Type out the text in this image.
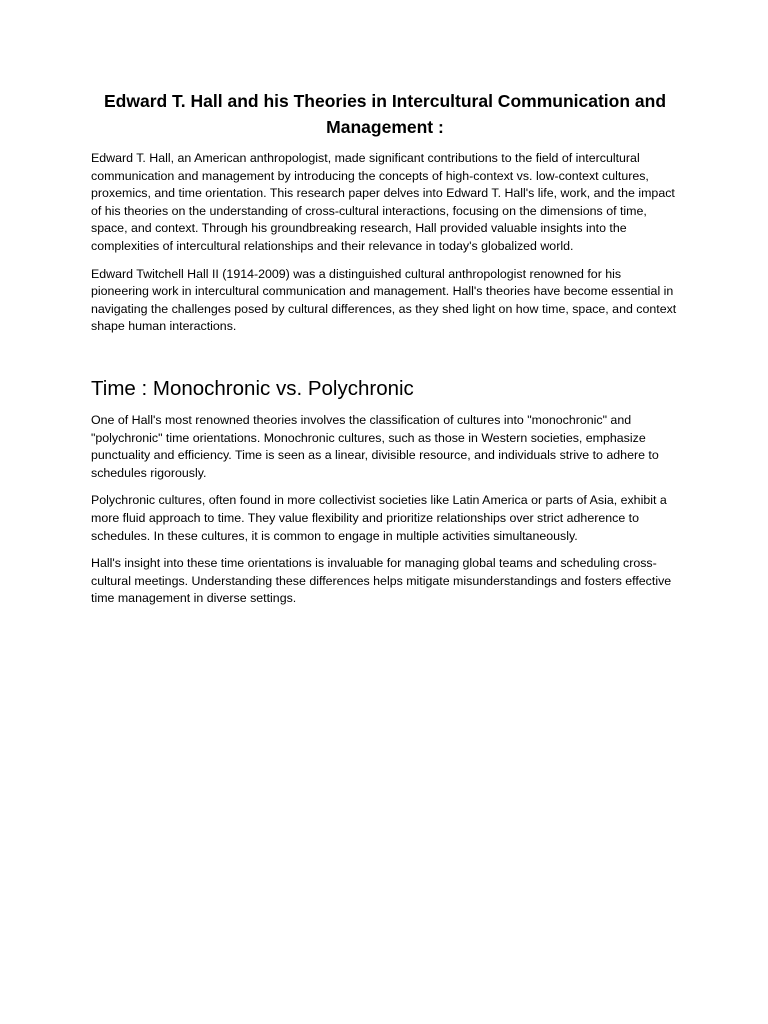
Edward T. Hall and his Theories in Intercultural Communication and Management :

Edward T. Hall, an American anthropologist, made significant contributions to the field of intercultural communication and management by introducing the concepts of high-context vs. low-context cultures, proxemics, and time orientation. This research paper delves into Edward T. Hall's life, work, and the impact of his theories on the understanding of cross-cultural interactions, focusing on the dimensions of time, space, and context. Through his groundbreaking research, Hall provided valuable insights into the complexities of intercultural relationships and their relevance in today's globalized world.

Edward Twitchell Hall II (1914-2009) was a distinguished cultural anthropologist renowned for his pioneering work in intercultural communication and management. Hall's theories have become essential in navigating the challenges posed by cultural differences, as they shed light on how time, space, and context shape human interactions.

Time : Monochronic vs. Polychronic

One of Hall's most renowned theories involves the classification of cultures into "monochronic" and "polychronic" time orientations. Monochronic cultures, such as those in Western societies, emphasize punctuality and efficiency. Time is seen as a linear, divisible resource, and individuals strive to adhere to schedules rigorously.

Polychronic cultures, often found in more collectivist societies like Latin America or parts of Asia, exhibit a more fluid approach to time. They value flexibility and prioritize relationships over strict adherence to schedules. In these cultures, it is common to engage in multiple activities simultaneously.

Hall's insight into these time orientations is invaluable for managing global teams and scheduling cross-cultural meetings. Understanding these differences helps mitigate misunderstandings and fosters effective time management in diverse settings.
